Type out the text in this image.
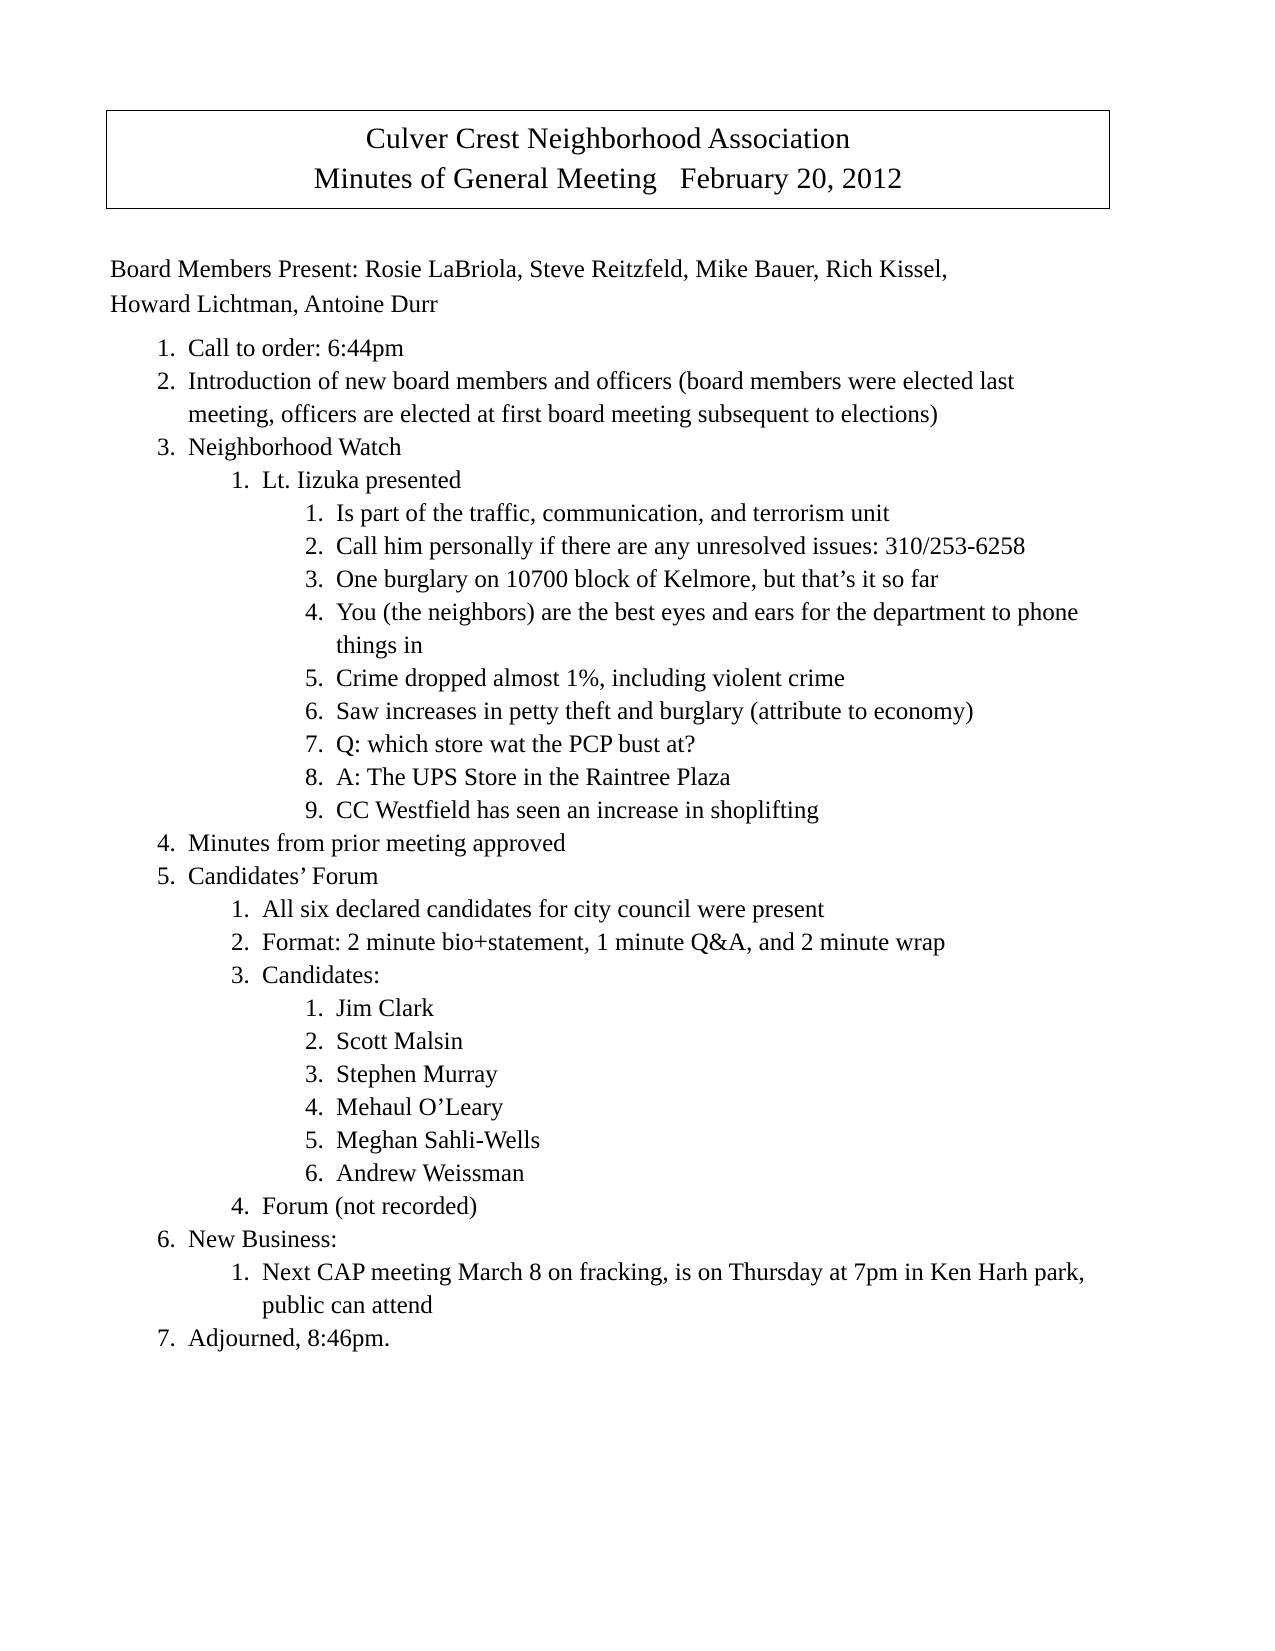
Culver Crest Neighborhood Association
Minutes of General Meeting   February 20, 2012

Board Members Present: Rosie LaBriola, Steve Reitzfeld, Mike Bauer, Rich Kissel, Howard Lichtman, Antoine Durr

1. Call to order: 6:44pm
2. Introduction of new board members and officers (board members were elected last meeting, officers are elected at first board meeting subsequent to elections)
3. Neighborhood Watch
1. Lt. Iizuka presented
1. Is part of the traffic, communication, and terrorism unit
2. Call him personally if there are any unresolved issues: 310/253-6258
3. One burglary on 10700 block of Kelmore, but that’s it so far
4. You (the neighbors) are the best eyes and ears for the department to phone things in
5. Crime dropped almost 1%, including violent crime
6. Saw increases in petty theft and burglary (attribute to economy)
7. Q: which store wat the PCP bust at?
8. A: The UPS Store in the Raintree Plaza
9. CC Westfield has seen an increase in shoplifting
4. Minutes from prior meeting approved
5. Candidates’ Forum
1. All six declared candidates for city council were present
2. Format: 2 minute bio+statement, 1 minute Q&A, and 2 minute wrap
3. Candidates:
1. Jim Clark
2. Scott Malsin
3. Stephen Murray
4. Mehaul O’Leary
5. Meghan Sahli-Wells
6. Andrew Weissman
4. Forum (not recorded)
6. New Business:
1. Next CAP meeting March 8 on fracking, is on Thursday at 7pm in Ken Harh park, public can attend
7. Adjourned, 8:46pm.
